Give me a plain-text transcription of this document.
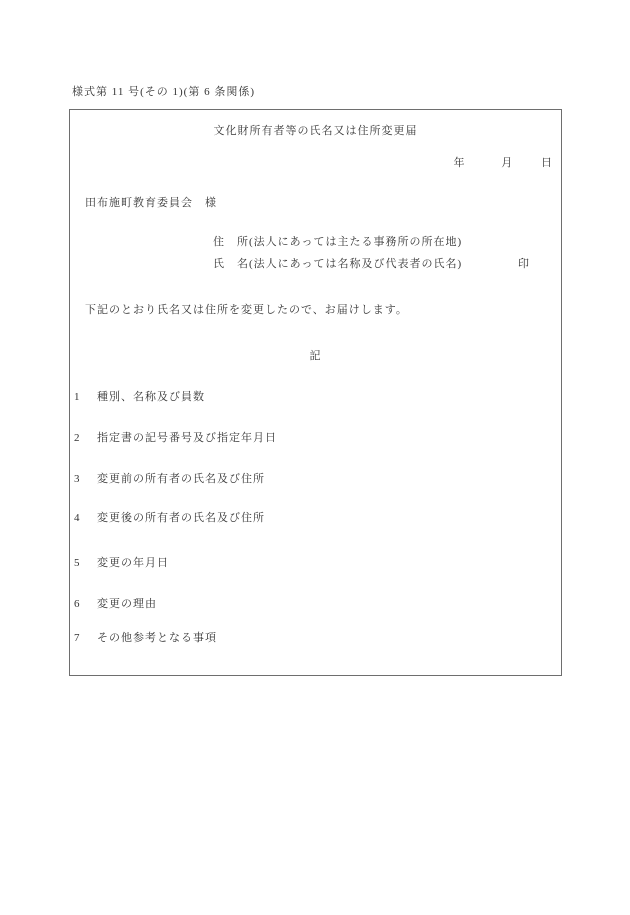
様式第 11 号(その 1)(第 6 条関係)
文化財所有者等の氏名又は住所変更届
年	月	日
田布施町教育委員会　様
住　所(法人にあっては主たる事務所の所在地)
氏　名(法人にあっては名称及び代表者の氏名)	印
下記のとおり氏名又は住所を変更したので、お届けします。
記
1 種別、名称及び員数
2 指定書の記号番号及び指定年月日
3 変更前の所有者の氏名及び住所
4 変更後の所有者の氏名及び住所
5 変更の年月日
6 変更の理由
7 その他参考となる事項
